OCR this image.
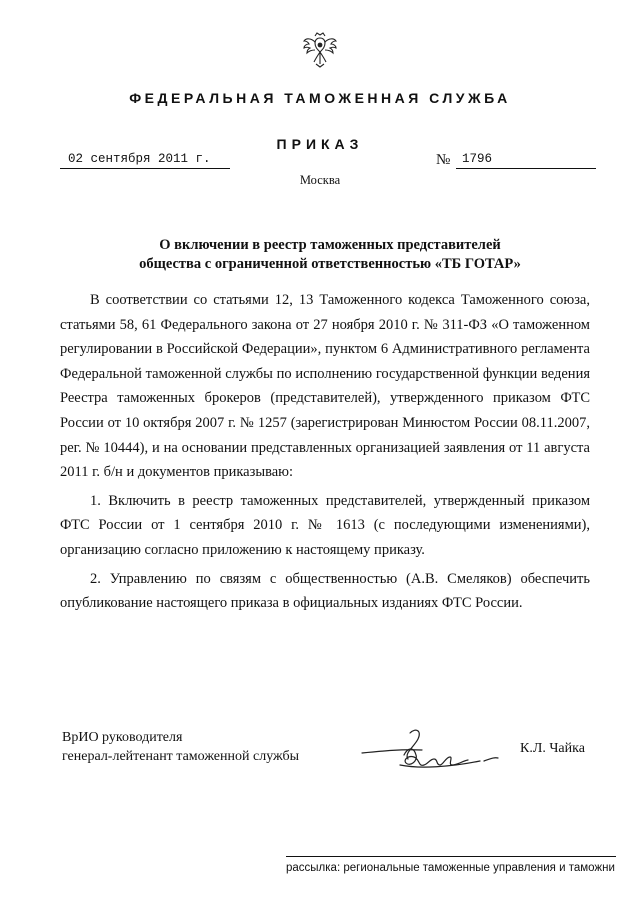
ФЕДЕРАЛЬНАЯ ТАМОЖЕННАЯ СЛУЖБА
ПРИКАЗ
02 сентября 2011 г.	№ 1796
Москва
О включении в реестр таможенных представителей
общества с ограниченной ответственностью «ТБ ГОТАР»

В соответствии со статьями 12, 13 Таможенного кодекса Таможенного союза, статьями 58, 61 Федерального закона от 27 ноября 2010 г. № 311-ФЗ «О таможенном регулировании в Российской Федерации», пунктом 6 Административного регламента Федеральной таможенной службы по исполнению государственной функции ведения Реестра таможенных брокеров (представителей), утвержденного приказом ФТС России от 10 октября 2007 г. № 1257 (зарегистрирован Минюстом России 08.11.2007, рег. № 10444), и на основании представленных организацией заявления от 11 августа 2011 г. б/н и документов приказываю:

1. Включить в реестр таможенных представителей, утвержденный приказом ФТС России от 1 сентября 2010 г. № 1613 (с последующими изменениями), организацию согласно приложению к настоящему приказу.

2. Управлению по связям с общественностью (А.В. Смеляков) обеспечить опубликование настоящего приказа в официальных изданиях ФТС России.

ВрИО руководителя
генерал-лейтенант таможенной службы
К.Л. Чайка
рассылка: региональные таможенные управления и таможни
